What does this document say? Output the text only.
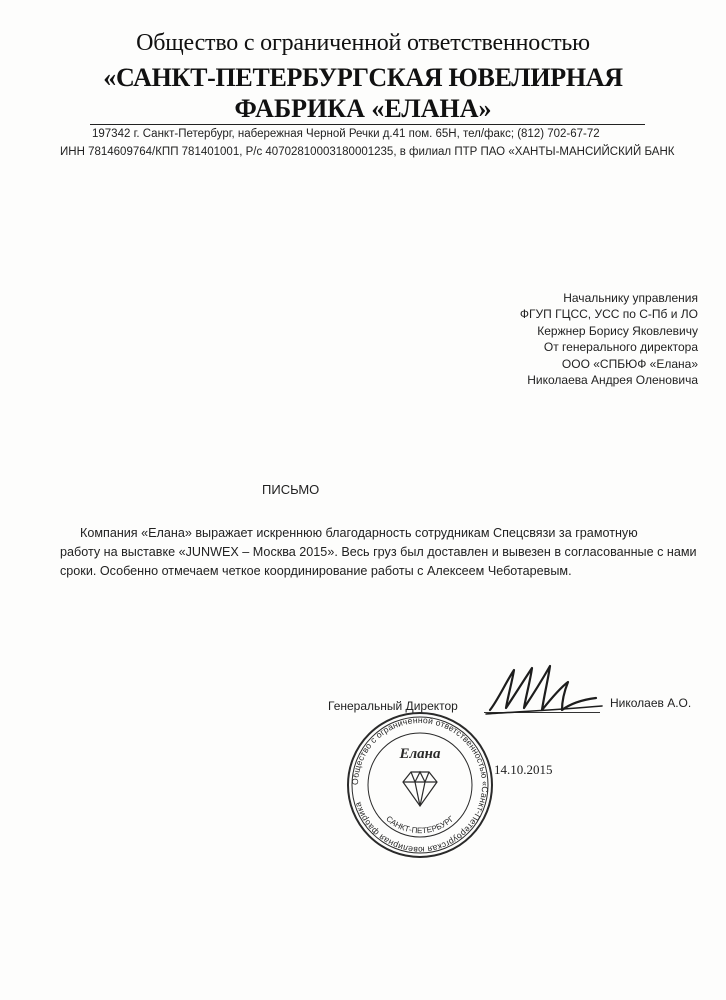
Общество с ограниченной ответственностью
«САНКТ-ПЕТЕРБУРГСКАЯ ЮВЕЛИРНАЯ
ФАБРИКА «ЕЛАНА»
197342 г. Санкт-Петербург, набережная Черной Речки д.41 пом. 65Н, тел/факс; (812) 702-67-72
ИНН 7814609764/КПП 781401001, Р/с 40702810003180001235, в филиал ПТР ПАО «ХАНТЫ-МАНСИЙСКИЙ БАНК
Начальнику управления
ФГУП ГЦСС, УСС по С-Пб и ЛО
Кержнер Борису Яковлевичу
От генерального директора
ООО «СПБЮФ «Елана»
Николаева Андрея Оленовича
ПИСЬМО
Компания «Елана» выражает искреннюю благодарность сотрудникам Спецсвязи за грамотную
работу на выставке «JUNWEX – Москва 2015». Весь груз был доставлен и вывезен в согласованные с нами
сроки. Особенно отмечаем четкое координирование работы с Алексеем Чеботаревым.
Генеральный Директор	Николаев А.О.
Общество с ограниченной ответственностью «Санкт-Петербургская ювелирная фабрика
Елана
САНКТ-ПЕТЕРБУРГ
14.10.2015
